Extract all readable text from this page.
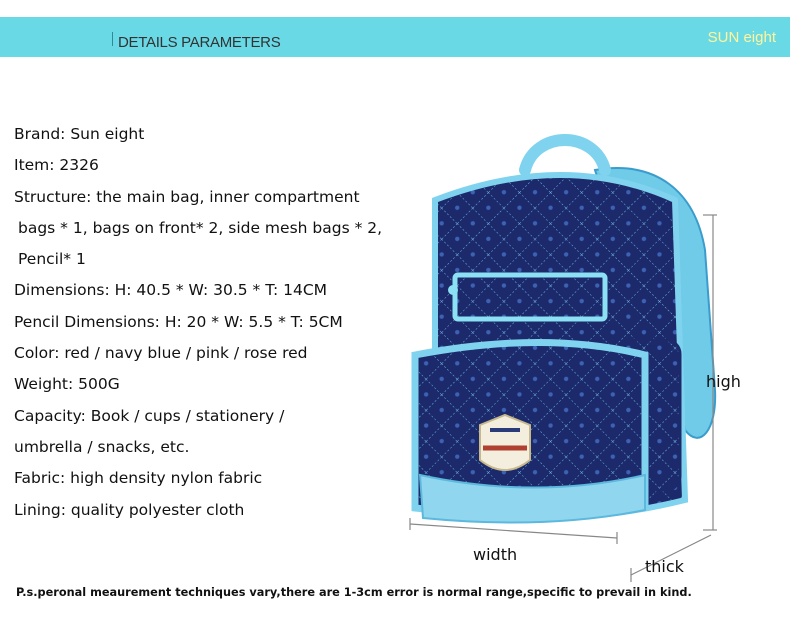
DETAILS PARAMETERS	SUN eight
Brand: Sun eight
Item: 2326
Structure: the main bag, inner compartment
bags * 1, bags on front* 2, side mesh bags * 2,
Pencil* 1
Dimensions: H: 40.5 * W: 30.5 * T: 14CM
Pencil Dimensions: H: 20 * W: 5.5 * T: 5CM
Color: red / navy blue / pink / rose red
Weight: 500G
Capacity: Book / cups / stationery /
umbrella / snacks, etc.
Fabric: high density nylon fabric
Lining: quality polyester cloth
high
width
thick
P.s.peronal meaurement techniques vary,there are 1-3cm error is normal range,specific to prevail in kind.
